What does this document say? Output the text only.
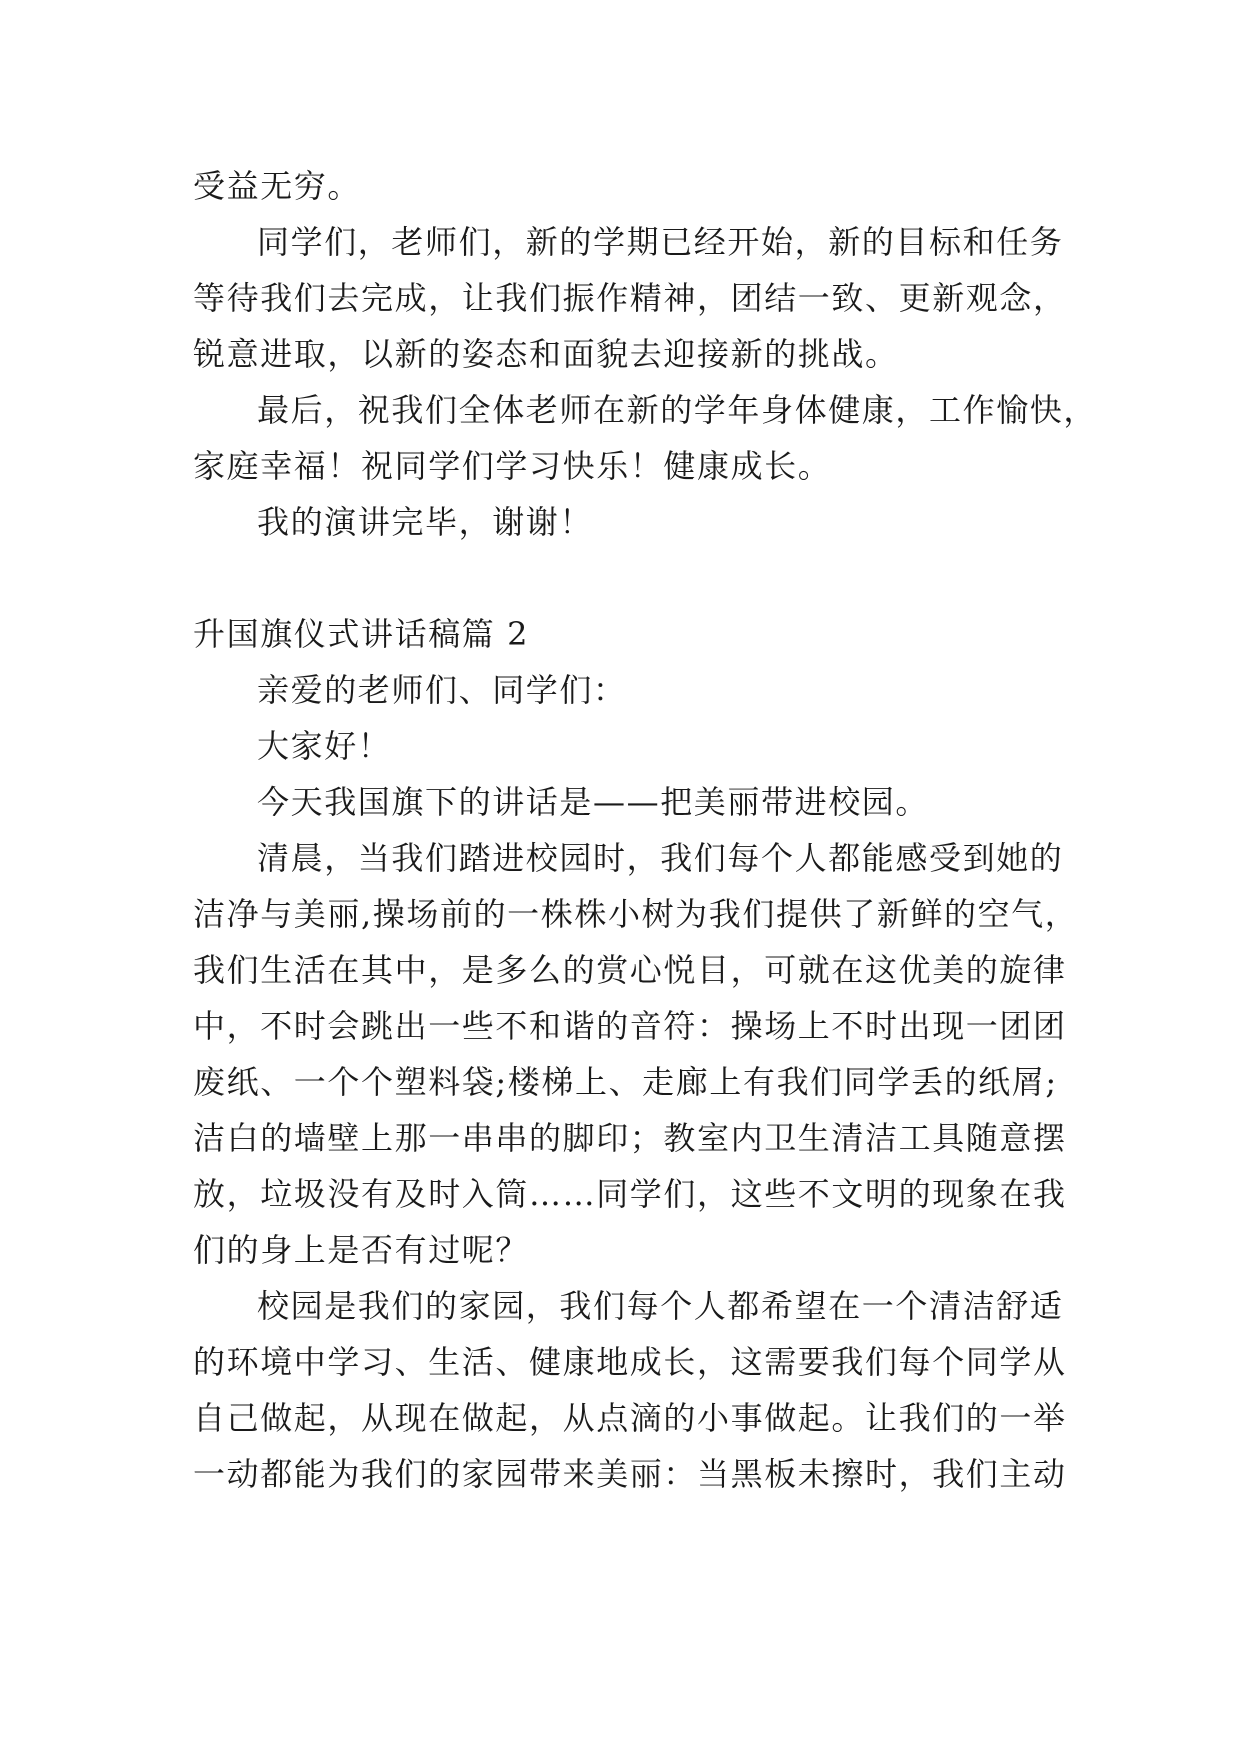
受益无穷。
同学们，老师们，新的学期已经开始，新的目标和任务
等待我们去完成，让我们振作精神，团结一致、更新观念，
锐意进取，以新的姿态和面貌去迎接新的挑战。
最后，祝我们全体老师在新的学年身体健康，工作愉快，
家庭幸福！祝同学们学习快乐！健康成长。
我的演讲完毕，谢谢！
升国旗仪式讲话稿篇 2
亲爱的老师们、同学们：
大家好！
今天我国旗下的讲话是——把美丽带进校园。
清晨，当我们踏进校园时，我们每个人都能感受到她的
洁净与美丽,操场前的一株株小树为我们提供了新鲜的空气，
我们生活在其中，是多么的赏心悦目，可就在这优美的旋律
中，不时会跳出一些不和谐的音符：操场上不时出现一团团
废纸、一个个塑料袋;楼梯上、走廊上有我们同学丢的纸屑;
洁白的墙壁上那一串串的脚印；教室内卫生清洁工具随意摆
放，垃圾没有及时入筒……同学们，这些不文明的现象在我
们的身上是否有过呢？
校园是我们的家园，我们每个人都希望在一个清洁舒适
的环境中学习、生活、健康地成长，这需要我们每个同学从
自己做起，从现在做起，从点滴的小事做起。让我们的一举
一动都能为我们的家园带来美丽：当黑板未擦时，我们主动
